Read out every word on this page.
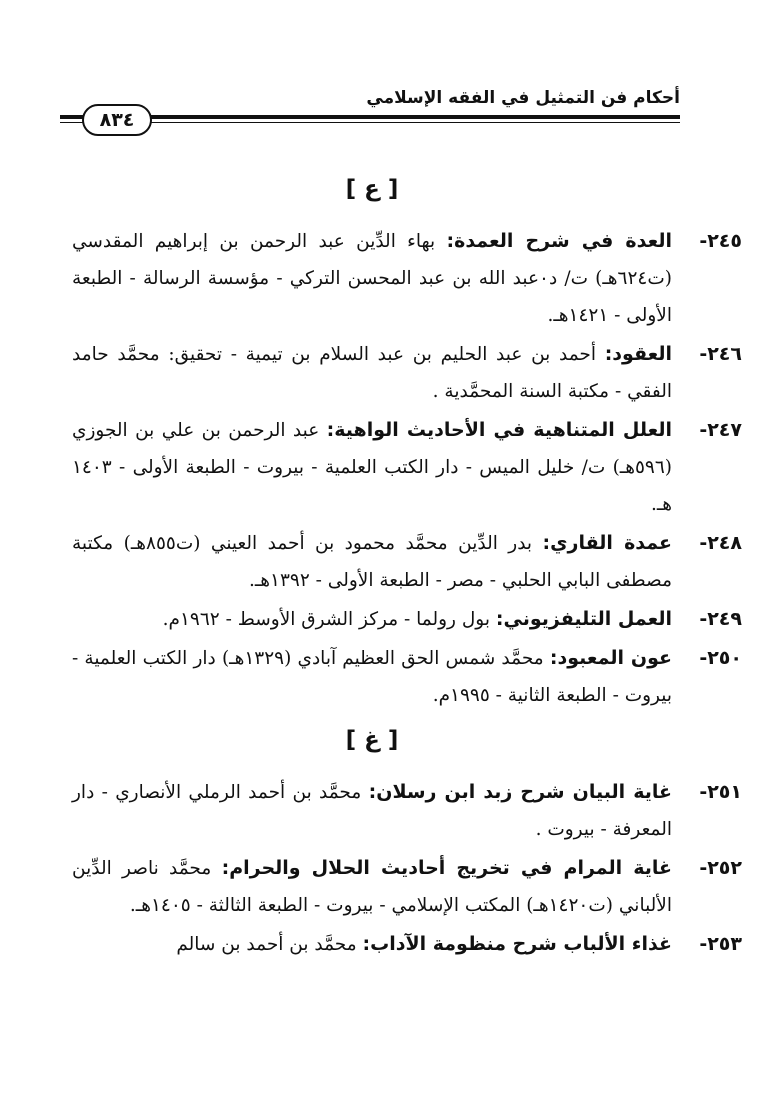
أحكام فن التمثيل في الفقه الإسلامي
٨٣٤
[ ع ]
٢٤٥-
العدة في شرح العمدة: بهاء الدِّين عبد الرحمن بن إبراهيم المقدسي (ت٦٢٤هـ) ت/ د٠عبد الله بن عبد المحسن التركي - مؤسسة الرسالة - الطبعة الأولى - ١٤٢١هـ.
٢٤٦-
العقود: أحمد بن عبد الحليم بن عبد السلام بن تيمية - تحقيق: محمَّد حامد الفقي - مكتبة السنة المحمَّدية .
٢٤٧-
العلل المتناهية في الأحاديث الواهية: عبد الرحمن بن علي بن الجوزي (٥٩٦هـ) ت/ خليل الميس - دار الكتب العلمية - بيروت - الطبعة الأولى - ١٤٠٣ هـ.
٢٤٨-
عمدة القاري: بدر الدِّين محمَّد محمود بن أحمد العيني (ت٨٥٥هـ) مكتبة مصطفى البابي الحلبي - مصر - الطبعة الأولى - ١٣٩٢هـ.
٢٤٩-
العمل التليفزيوني: بول رولما - مركز الشرق الأوسط - ١٩٦٢م.
٢٥٠-
عون المعبود: محمَّد شمس الحق العظيم آبادي (١٣٢٩هـ) دار الكتب العلمية - بيروت - الطبعة الثانية - ١٩٩٥م.
[ غ ]
٢٥١-
غاية البيان شرح زبد ابن رسلان: محمَّد بن أحمد الرملي الأنصاري - دار المعرفة - بيروت .
٢٥٢-
غاية المرام في تخريج أحاديث الحلال والحرام: محمَّد ناصر الدِّين الألباني (ت١٤٢٠هـ) المكتب الإسلامي - بيروت - الطبعة الثالثة - ١٤٠٥هـ.
٢٥٣-
غذاء الألباب شرح منظومة الآداب: محمَّد بن أحمد بن سالم
